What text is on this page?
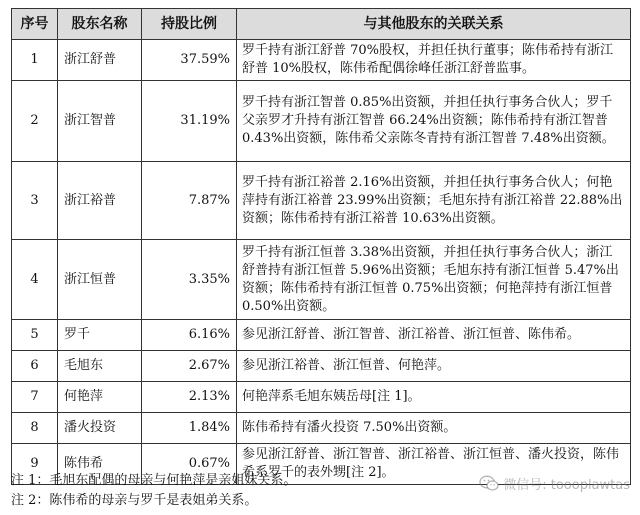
序号	股东名称	持股比例	与其他股东的关联关系
1	浙江舒普	37.59%	罗千持有浙江舒普 70%股权，并担任执行董事；陈伟希持有浙江舒普 10%股权，陈伟希配偶徐峰任浙江舒普监事。
2	浙江智普	31.19%	罗千持有浙江智普 0.85%出资额，并担任执行事务合伙人；罗千父亲罗才升持有浙江智普 66.24%出资额；陈伟希持有浙江智普 0.43%出资额，陈伟希父亲陈冬青持有浙江智普 7.48%出资额。
3	浙江裕普	7.87%	罗千持有浙江裕普 2.16%出资额，并担任执行事务合伙人；何艳萍持有浙江裕普 23.99%出资额；毛旭东持有浙江裕普 22.88%出资额；陈伟希持有浙江裕普 10.63%出资额。
4	浙江恒普	3.35%	罗千持有浙江恒普 3.38%出资额，并担任执行事务合伙人；浙江舒普持有浙江恒普 5.96%出资额；毛旭东持有浙江恒普 5.47%出资额；陈伟希持有浙江恒普 0.75%出资额；何艳萍持有浙江恒普 0.50%出资额。
5	罗千	6.16%	参见浙江舒普、浙江智普、浙江裕普、浙江恒普、陈伟希。
6	毛旭东	2.67%	参见浙江裕普、浙江恒普、何艳萍。
7	何艳萍	2.13%	何艳萍系毛旭东姨岳母[注 1]。
8	潘火投资	1.84%	陈伟希持有潘火投资 7.50%出资额。
9	陈伟希	0.67%	参见浙江舒普、浙江智普、浙江裕普、浙江恒普、潘火投资，陈伟希系罗千的表外甥[注 2]。
注 1：毛旭东配偶的母亲与何艳萍是亲姐妹关系。
注 2：陈伟希的母亲与罗千是表姐弟关系。
微信号: toooplawtas
